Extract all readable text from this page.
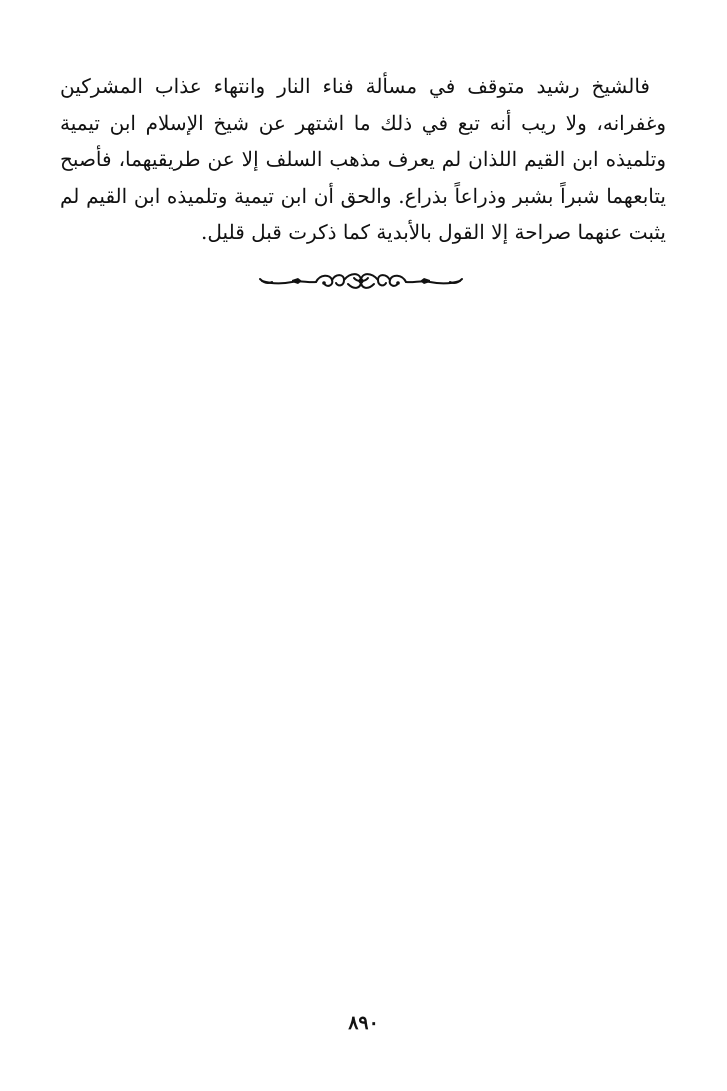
فالشيخ رشيد متوقف في مسألة فناء النار وانتهاء عذاب المشركين
وغفرانه، ولا ريب أنه تبع في ذلك ما اشتهر عن شيخ الإسلام ابن تيمية
وتلميذه ابن القيم اللذان لم يعرف مذهب السلف إلا عن طريقيهما، فأصبح
يتابعهما شبراً بشبر وذراعاً بذراع. والحق أن ابن تيمية وتلميذه ابن القيم لم
يثبت عنهما صراحة إلا القول بالأبدية كما ذكرت قبل قليل.
٨٩٠
